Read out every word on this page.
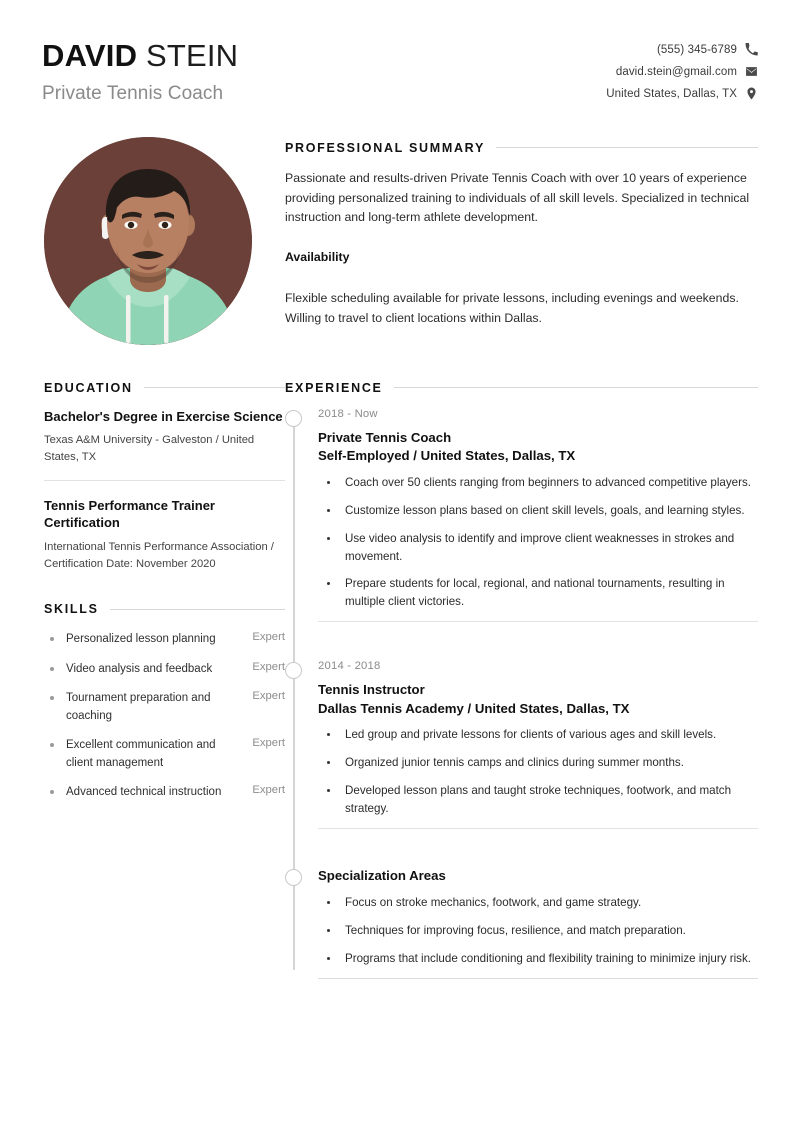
DAVID STEIN
Private Tennis Coach
(555) 345-6789
david.stein@gmail.com
United States, Dallas, TX
PROFESSIONAL SUMMARY

Passionate and results-driven Private Tennis Coach with over 10 years of experience providing personalized training to individuals of all skill levels. Specialized in technical instruction and long-term athlete development.

Availability

Flexible scheduling available for private lessons, including evenings and weekends. Willing to travel to client locations within Dallas.

EDUCATION
Bachelor's Degree in Exercise Science
Texas A&M University - Galveston / United States, TX
Tennis Performance Trainer Certification
International Tennis Performance Association / Certification Date: November 2020
SKILLS
Personalized lesson planning	Expert
Video analysis and feedback	Expert
Tournament preparation and coaching
Expert
Excellent communication and client management
Expert
Advanced technical instruction	Expert
EXPERIENCE
2018 - Now
Private Tennis Coach
Self-Employed / United States, Dallas, TX
• Coach over 50 clients ranging from beginners to advanced competitive players.
• Customize lesson plans based on client skill levels, goals, and learning styles.
• Use video analysis to identify and improve client weaknesses in strokes and movement.
• Prepare students for local, regional, and national tournaments, resulting in multiple client victories.
2014 - 2018
Tennis Instructor
Dallas Tennis Academy / United States, Dallas, TX
• Led group and private lessons for clients of various ages and skill levels.
• Organized junior tennis camps and clinics during summer months.
• Developed lesson plans and taught stroke techniques, footwork, and match strategy.
Specialization Areas
• Focus on stroke mechanics, footwork, and game strategy.
• Techniques for improving focus, resilience, and match preparation.
• Programs that include conditioning and flexibility training to minimize injury risk.
